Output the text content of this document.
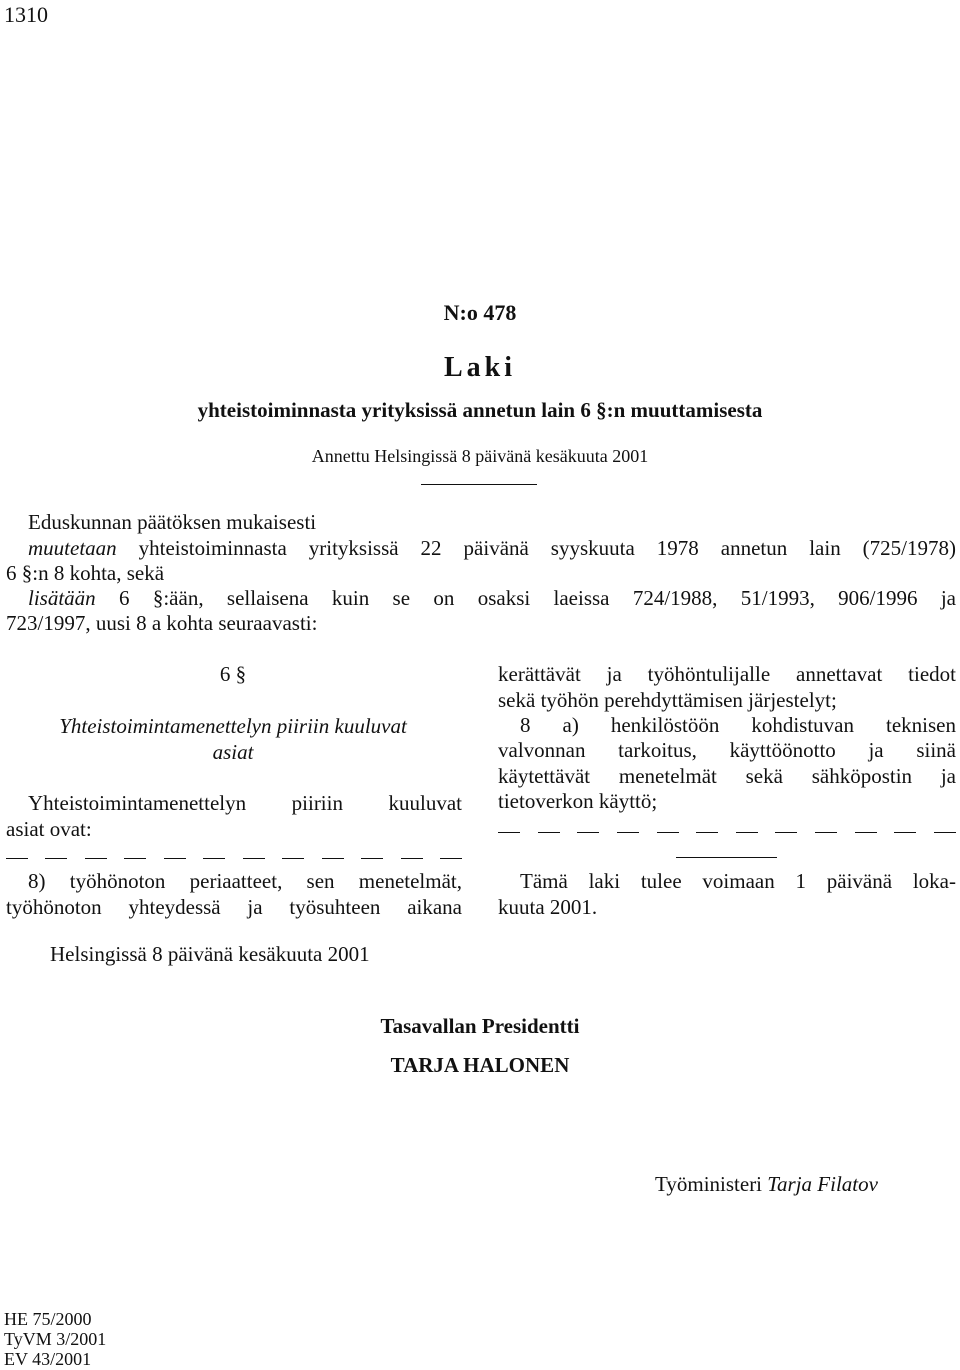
1310
N:o 478
Laki
yhteistoiminnasta yrityksissä annetun lain 6 §:n muuttamisesta
Annettu Helsingissä 8 päivänä kesäkuuta 2001
Eduskunnan päätöksen mukaisesti
muutetaan yhteistoiminnasta yrityksissä 22 päivänä syyskuuta 1978 annetun lain (725/1978)
6 §:n 8 kohta, sekä
lisätään 6 §:ään, sellaisena kuin se on osaksi laeissa 724/1988, 51/1993, 906/1996 ja
723/1997, uusi 8 a kohta seuraavasti:
6 §
Yhteistoimintamenettelyn piiriin kuuluvat
asiat
Yhteistoimintamenettelyn piiriin kuuluvat
asiat ovat:
8) työhönoton periaatteet, sen menetelmät,
työhönoton yhteydessä ja työsuhteen aikana
kerättävät ja työhöntulijalle annettavat tiedot
sekä työhön perehdyttämisen järjestelyt;
8 a) henkilöstöön kohdistuvan teknisen
valvonnan tarkoitus, käyttöönotto ja siinä
käytettävät menetelmät sekä sähköpostin ja
tietoverkon käyttö;
Tämä laki tulee voimaan 1 päivänä loka-
kuuta 2001.
Helsingissä 8 päivänä kesäkuuta 2001
Tasavallan Presidentti
TARJA HALONEN
Työministeri Tarja Filatov
HE 75/2000
TyVM 3/2001
EV 43/2001
